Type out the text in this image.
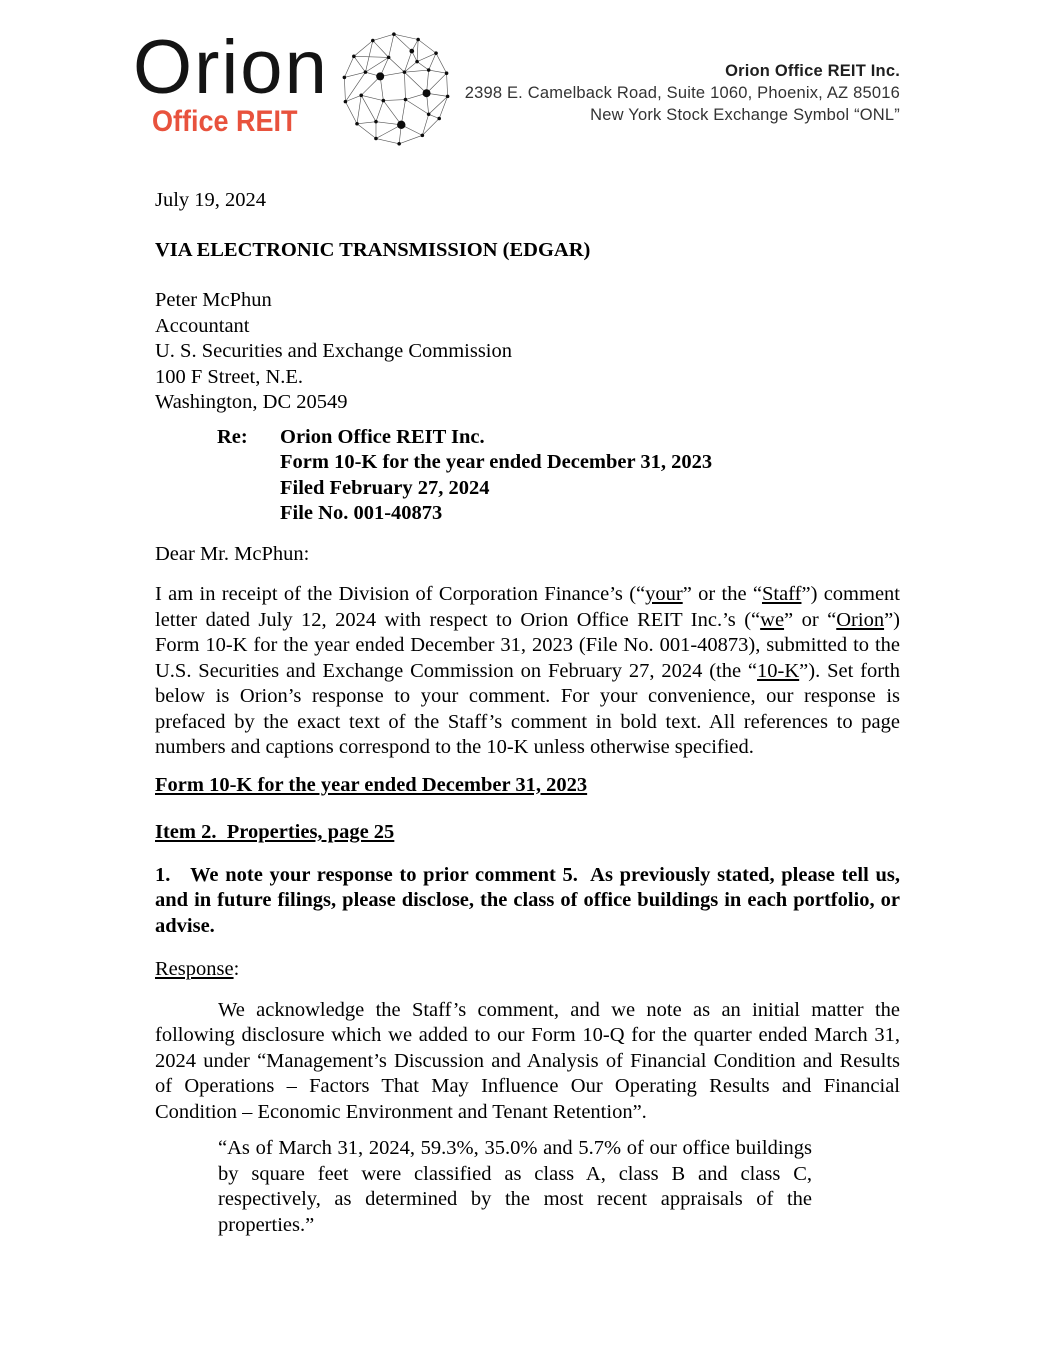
Orion
Office REIT
Orion Office REIT Inc.
2398 E. Camelback Road, Suite 1060, Phoenix, AZ 85016
New York Stock Exchange Symbol “ONL”

July 19, 2024

VIA ELECTRONIC TRANSMISSION (EDGAR)

Peter McPhun
Accountant
U. S. Securities and Exchange Commission
100 F Street, N.E.
Washington, DC 20549
Re:	Orion Office REIT Inc.
Form 10-K for the year ended December 31, 2023
Filed February 27, 2024
File No. 001-40873

Dear Mr. McPhun:

I am in receipt of the Division of Corporation Finance’s (“your” or the “Staff”) comment letter dated July 12, 2024 with respect to Orion Office REIT Inc.’s (“we” or “Orion”) Form 10-K for the year ended December 31, 2023 (File No. 001-40873), submitted to the U.S. Securities and Exchange Commission on February 27, 2024 (the “10-K”). Set forth below is Orion’s response to your comment. For your convenience, our response is prefaced by the exact text of the Staff’s comment in bold text. All references to page numbers and captions correspond to the 10-K unless otherwise specified.

Form 10-K for the year ended December 31, 2023

Item 2.  Properties, page 25

1.   We note your response to prior comment 5.  As previously stated, please tell us, and in future filings, please disclose, the class of office buildings in each portfolio, or advise.

Response:

We acknowledge the Staff’s comment, and we note as an initial matter the following disclosure which we added to our Form 10-Q for the quarter ended March 31, 2024 under “Management’s Discussion and Analysis of Financial Condition and Results of Operations – Factors That May Influence Our Operating Results and Financial Condition – Economic Environment and Tenant Retention”.

“As of March 31, 2024, 59.3%, 35.0% and 5.7% of our office buildings by square feet were classified as class A, class B and class C, respectively, as determined by the most recent appraisals of the properties.”
